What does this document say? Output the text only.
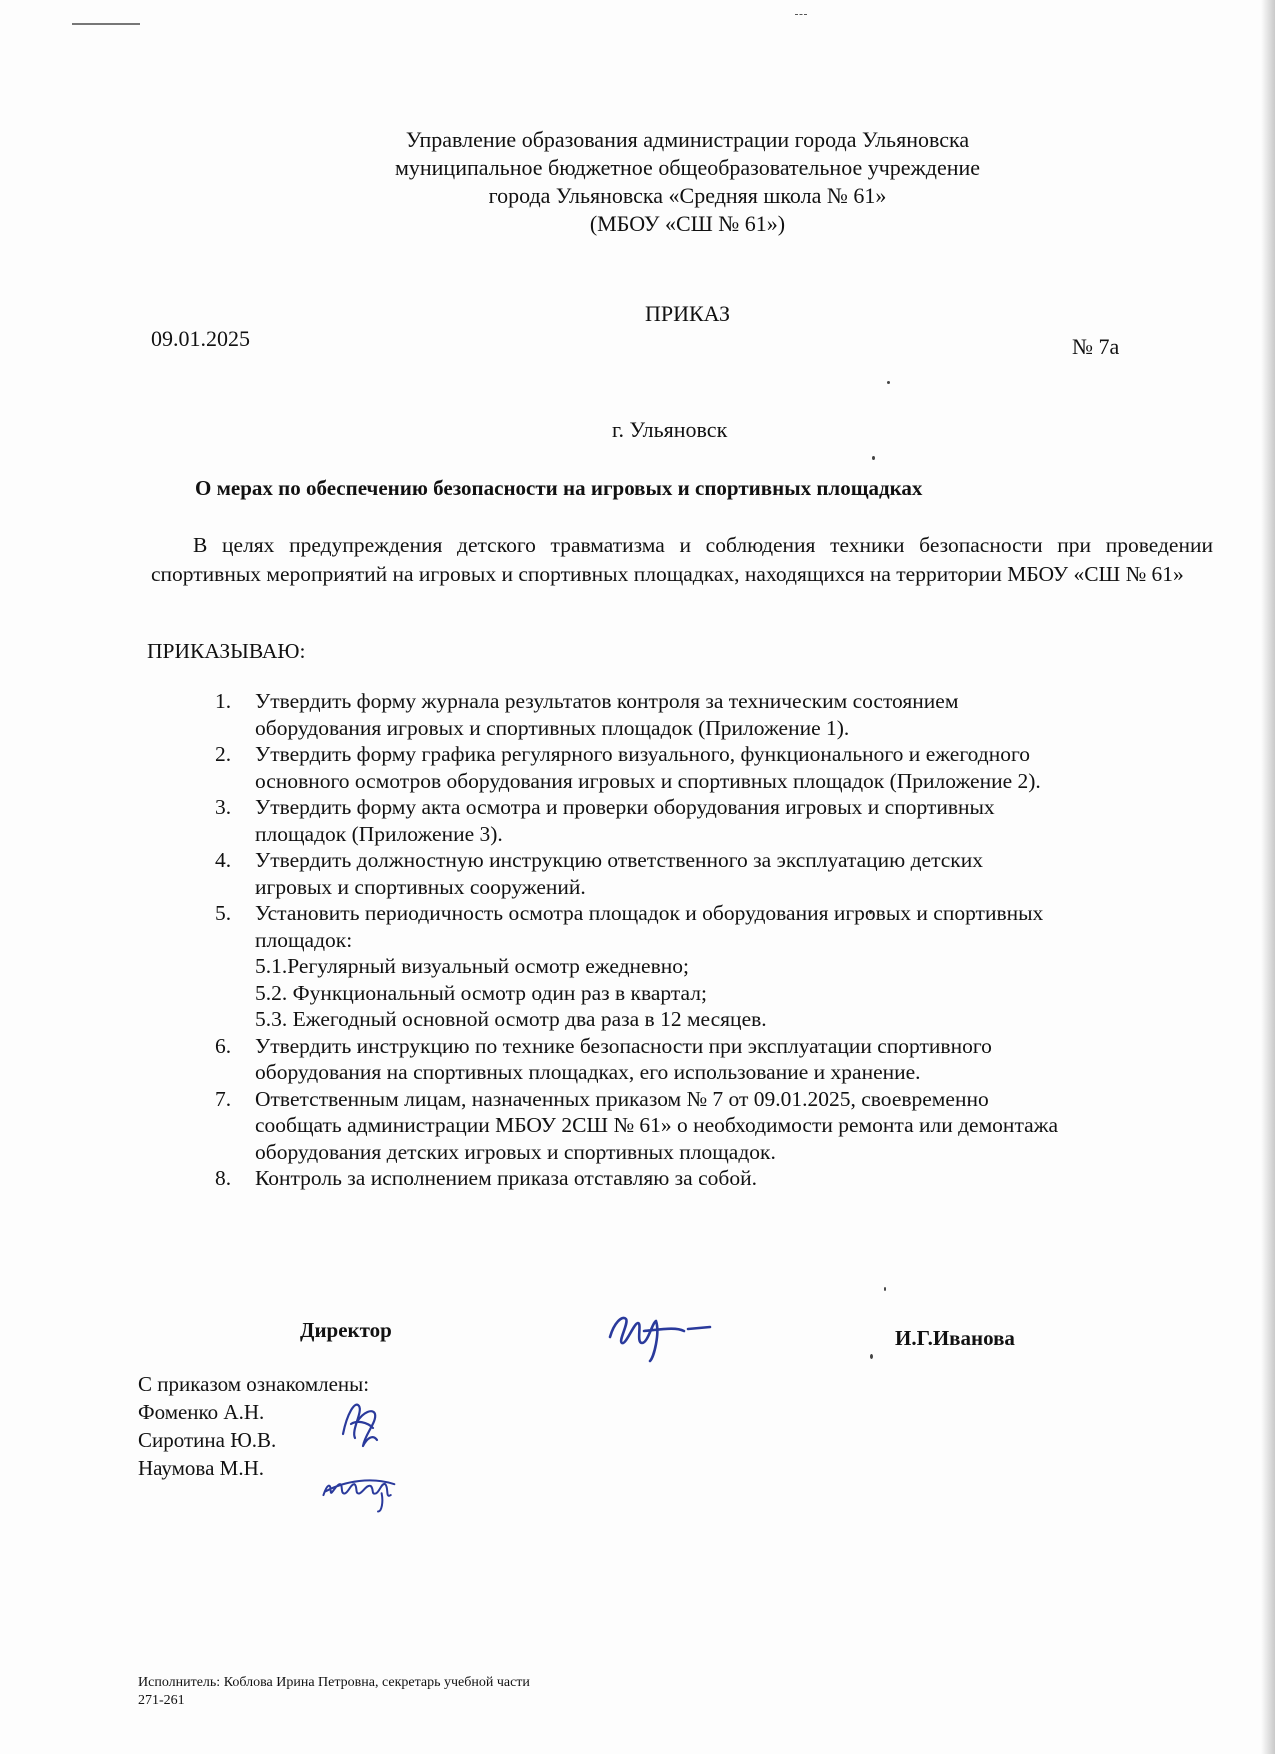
Управление образования администрации города Ульяновска
муниципальное бюджетное общеобразовательное учреждение
города Ульяновска «Средняя школа № 61»
(МБОУ «СШ № 61»)
ПРИКАЗ
09.01.2025	№ 7а
г. Ульяновск
О мерах по обеспечению безопасности на игровых и спортивных площадках

В целях предупреждения детского травматизма и соблюдения техники безопасности при проведении спортивных мероприятий на игровых и спортивных площадках, находящихся на территории МБОУ «СШ № 61»

ПРИКАЗЫВАЮ:
1.	Утвердить форму журнала результатов контроля за техническим состоянием
оборудования игровых и спортивных площадок (Приложение 1).
2.	Утвердить форму графика регулярного визуального, функционального и ежегодного
основного осмотров оборудования игровых и спортивных площадок (Приложение 2).
3.	Утвердить форму акта осмотра и проверки оборудования игровых и спортивных
площадок (Приложение 3).
4.	Утвердить должностную инструкцию ответственного за эксплуатацию детских
игровых и спортивных сооружений.
5.	Установить периодичность осмотра площадок и оборудования игровых и спортивных
площадок:
5.1.Регулярный визуальный осмотр ежедневно;
5.2. Функциональный осмотр один раз в квартал;
5.3. Ежегодный основной осмотр два раза в 12 месяцев.
6.	Утвердить инструкцию по технике безопасности при эксплуатации спортивного
оборудования на спортивных площадках, его использование и хранение.
7.	Ответственным лицам, назначенных приказом № 7 от 09.01.2025, своевременно
сообщать администрации МБОУ 2СШ № 61» о необходимости ремонта или демонтажа
оборудования детских игровых и спортивных площадок.
8.	Контроль за исполнением приказа отставляю за собой.
Директор	И.Г.Иванова
С приказом ознакомлены:
Фоменко А.Н.
Сиротина Ю.В.
Наумова М.Н.
Исполнитель: Коблова Ирина Петровна, секретарь учебной части
271-261
